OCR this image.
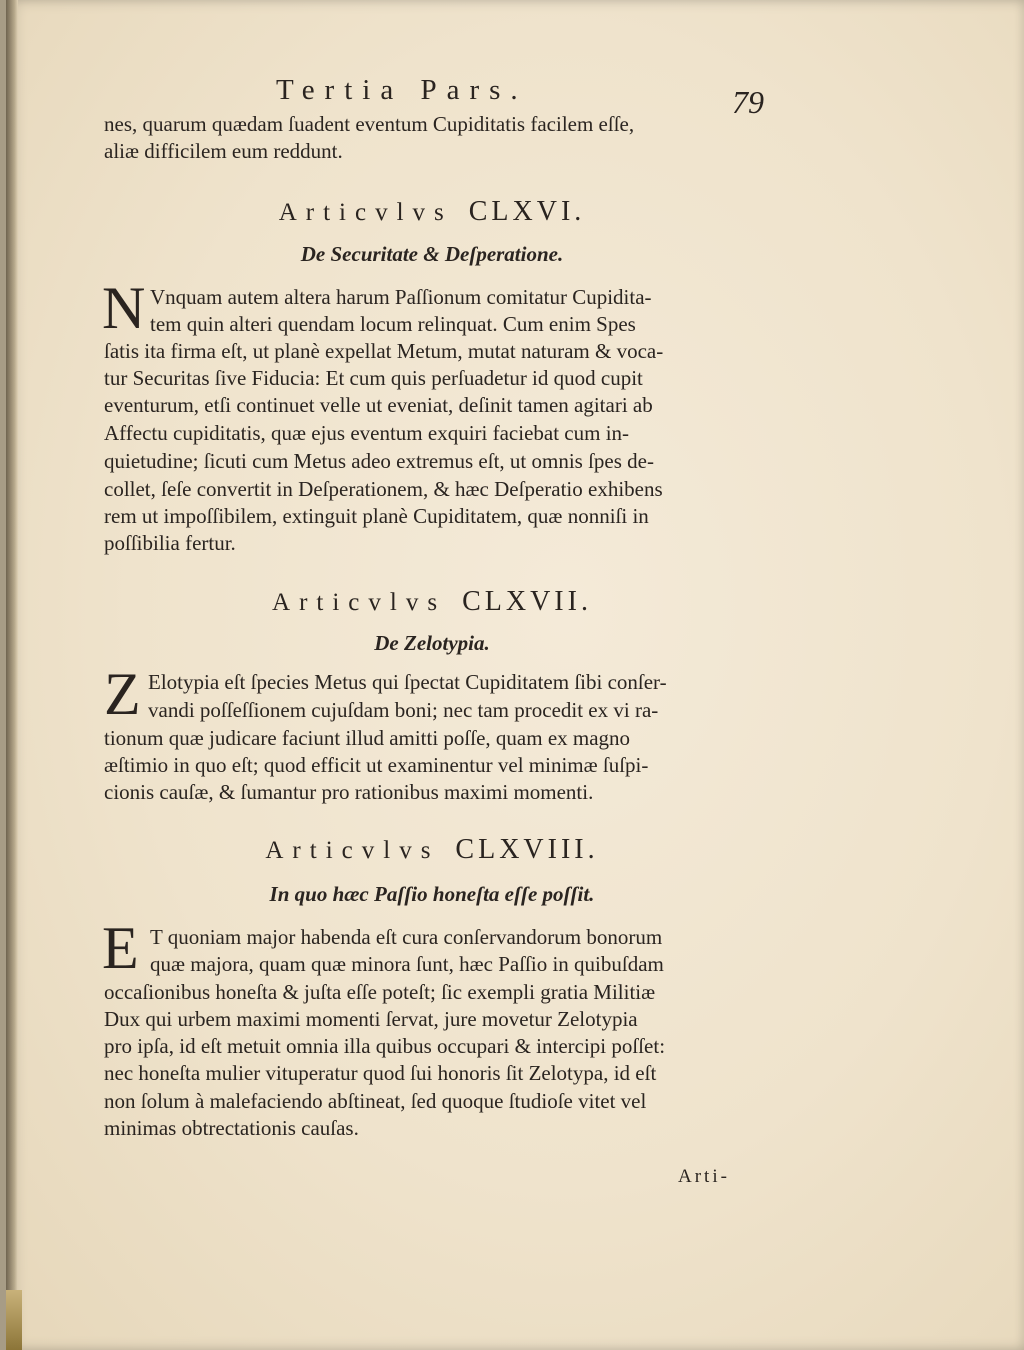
Tertia Pars.	79
nes, quarum quædam ſuadent eventum Cupiditatis facilem eſſe,
aliæ difficilem eum reddunt.
Articvlvs CLXVI.
De Securitate & Deſperatione.
N Vnquam autem altera harum Paſſionum comitatur Cupidita-
tem quin alteri quendam locum relinquat. Cum enim Spes
ſatis ita firma eſt, ut planè expellat Metum, mutat naturam & voca-
tur Securitas ſive Fiducia: Et cum quis perſuadetur id quod cupit
eventurum, etſi continuet velle ut eveniat, deſinit tamen agitari ab
Affectu cupiditatis, quæ ejus eventum exquiri faciebat cum in-
quietudine; ſicuti cum Metus adeo extremus eſt, ut omnis ſpes de-
collet, ſeſe convertit in Deſperationem, & hæc Deſperatio exhibens
rem ut impoſſibilem, extinguit planè Cupiditatem, quæ nonniſi in
poſſibilia fertur.
Articvlvs CLXVII.
De Zelotypia.
Z Elotypia eſt ſpecies Metus qui ſpectat Cupiditatem ſibi conſer-
vandi poſſeſſionem cujuſdam boni; nec tam procedit ex vi ra-
tionum quæ judicare faciunt illud amitti poſſe, quam ex magno
æſtimio in quo eſt; quod efficit ut examinentur vel minimæ ſuſpi-
cionis cauſæ, & ſumantur pro rationibus maximi momenti.
Articvlvs CLXVIII.
In quo hæc Paſſio honeſta eſſe poſſit.
E T quoniam major habenda eſt cura conſervandorum bonorum
quæ majora, quam quæ minora ſunt, hæc Paſſio in quibuſdam
occaſionibus honeſta & juſta eſſe poteſt; ſic exempli gratia Militiæ
Dux qui urbem maximi momenti ſervat, jure movetur Zelotypia
pro ipſa, id eſt metuit omnia illa quibus occupari & intercipi poſſet:
nec honeſta mulier vituperatur quod ſui honoris ſit Zelotypa, id eſt
non ſolum à malefaciendo abſtineat, ſed quoque ſtudioſe vitet vel
minimas obtrectationis cauſas.
Arti-
